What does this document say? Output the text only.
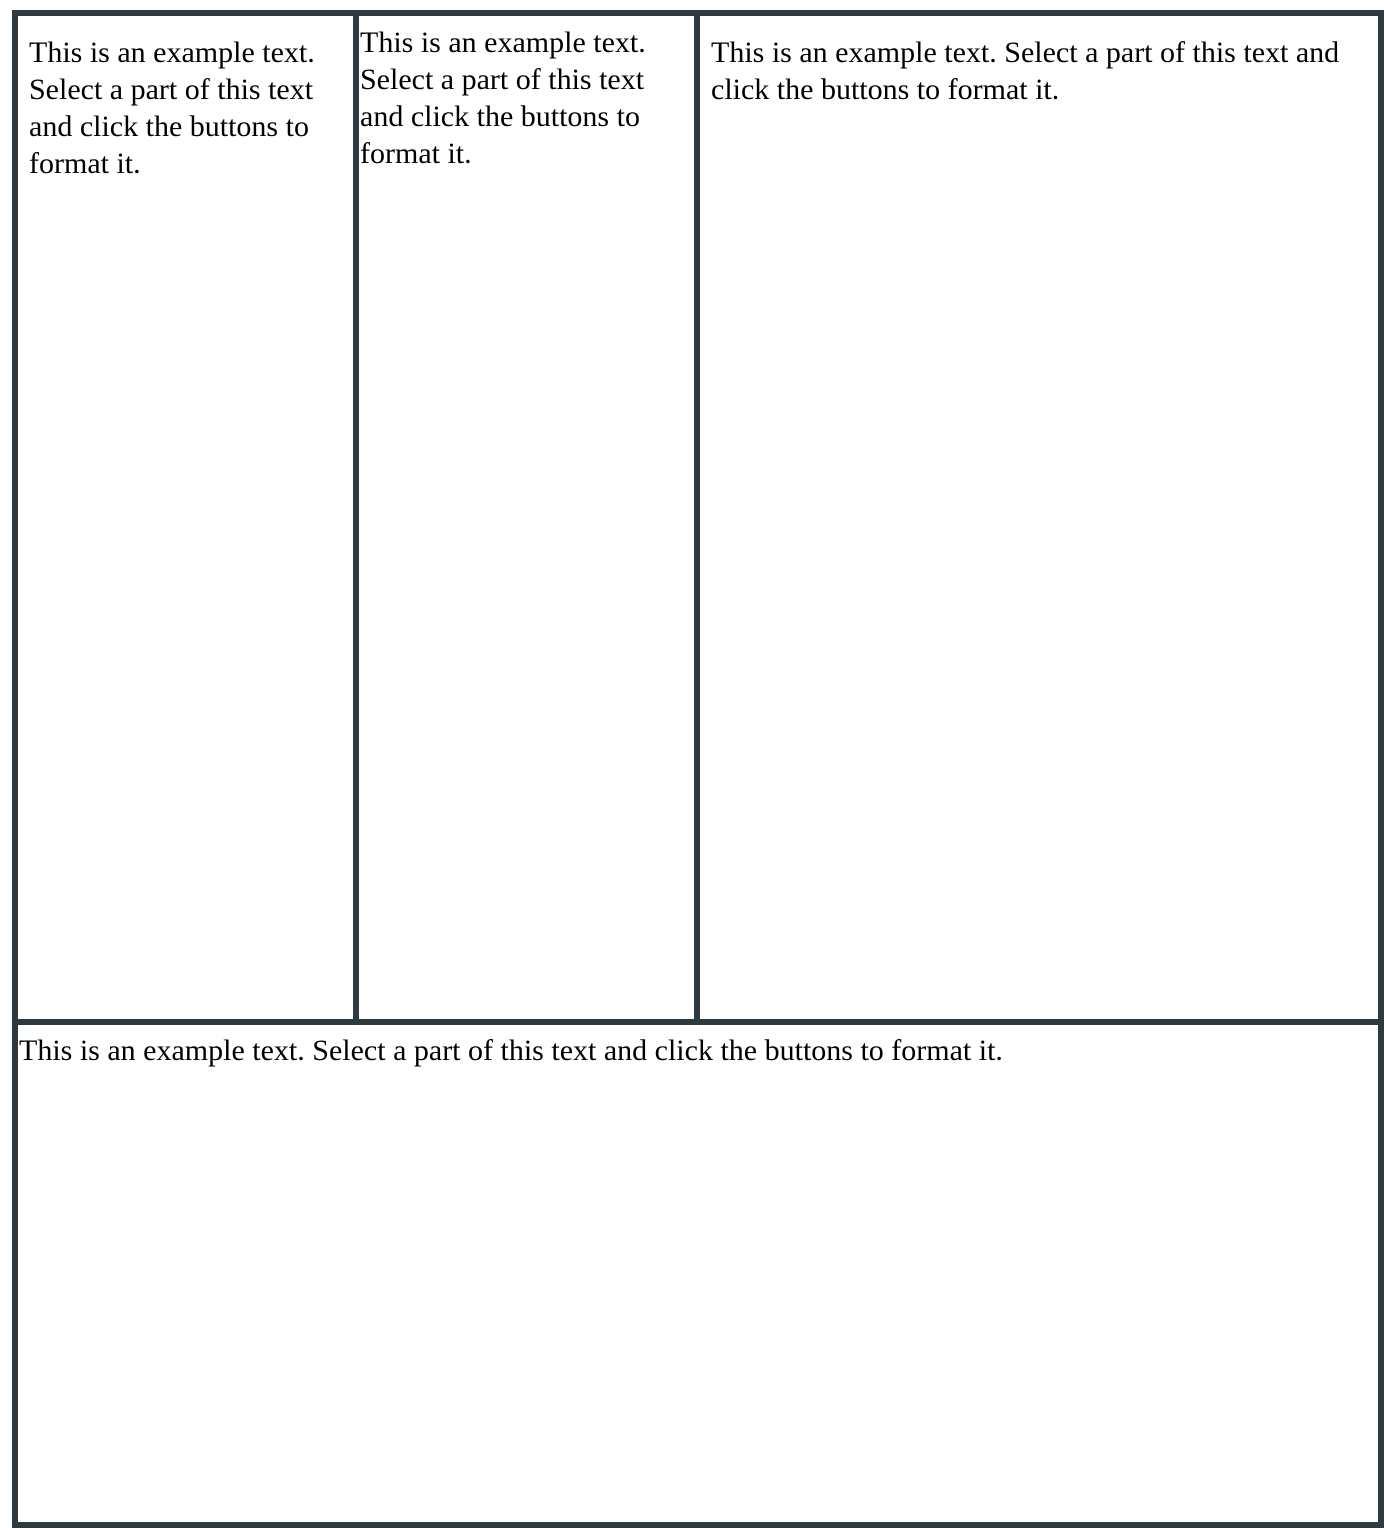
This is an example text. Select a part of this text and click the buttons to format it.
This is an example text. Select a part of this text and click the buttons to format it.
This is an example text. Select a part of this text and click the buttons to format it.
This is an example text. Select a part of this text and click the buttons to format it.
